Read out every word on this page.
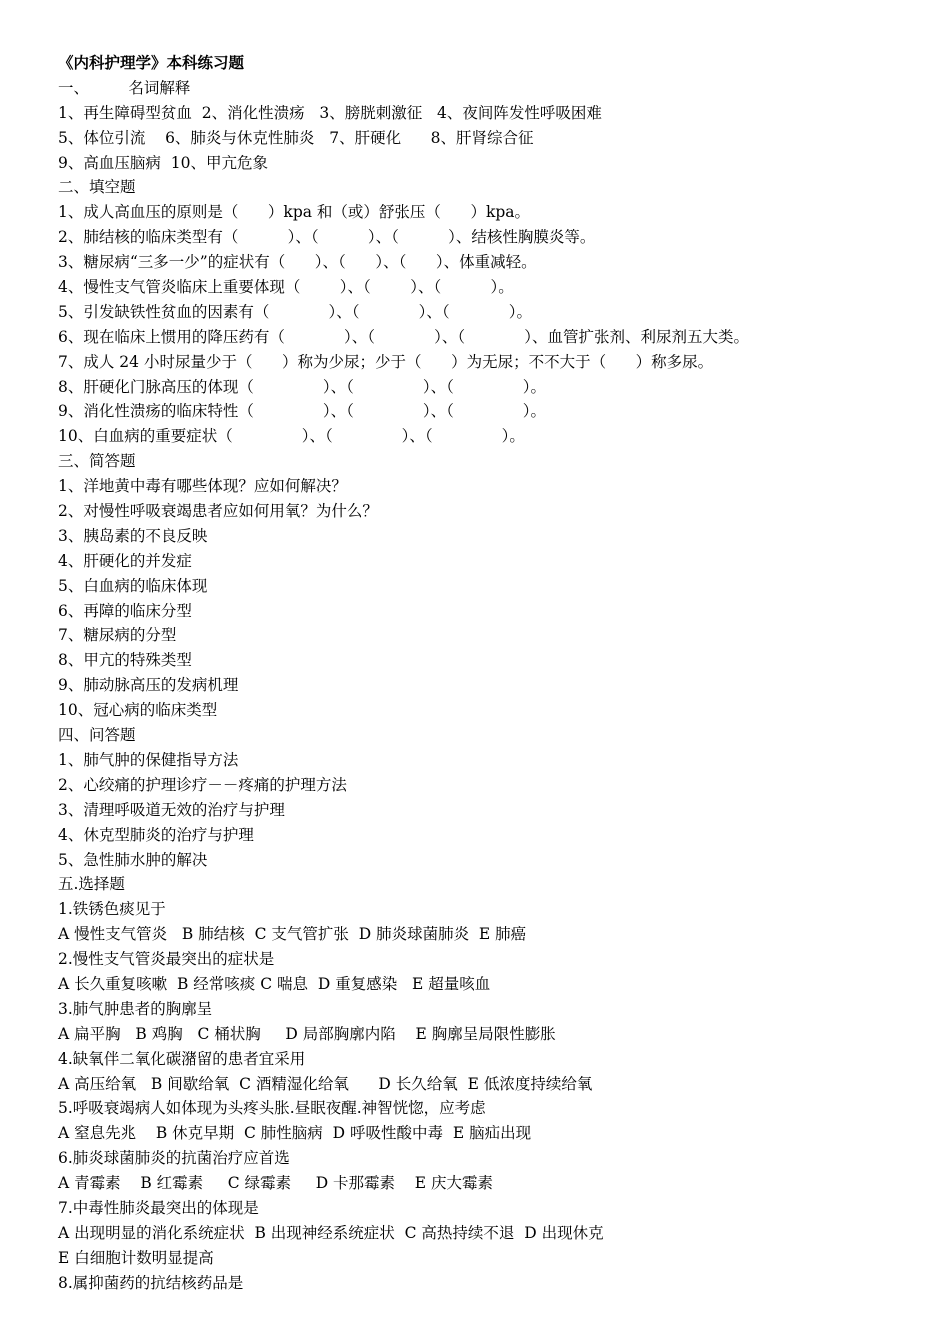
《内科护理学》本科练习题
一、        名词解释
1、再生障碍型贫血  2、消化性溃疡   3、膀胱刺激征   4、夜间阵发性呼吸困难
5、体位引流    6、肺炎与休克性肺炎   7、肝硬化      8、肝肾综合征
9、高血压脑病  10、甲亢危象
二、填空题
1、成人高血压的原则是（      ）kpa 和（或）舒张压（      ）kpa。
2、肺结核的临床类型有（          ）、（          ）、（          ）、结核性胸膜炎等。
3、糖尿病“三多一少”的症状有（      ）、（      ）、（      ）、体重减轻。
4、慢性支气管炎临床上重要体现（        ）、（        ）、（          ）。
5、引发缺铁性贫血的因素有（            ）、（            ）、（            ）。
6、现在临床上惯用的降压药有（            ）、（            ）、（            ）、血管扩张剂、利尿剂五大类。
7、成人 24 小时尿量少于（      ）称为少尿；少于（      ）为无尿；不不大于（      ）称多尿。
8、肝硬化门脉高压的体现（              ）、（              ）、（              ）。
9、消化性溃疡的临床特性（              ）、（              ）、（              ）。
10、白血病的重要症状（              ）、（              ）、（              ）。
三、简答题
1、洋地黄中毒有哪些体现？应如何解决？
2、对慢性呼吸衰竭患者应如何用氧？为什么？
3、胰岛素的不良反映
4、肝硬化的并发症
5、白血病的临床体现
6、再障的临床分型
7、糖尿病的分型
8、甲亢的特殊类型
9、肺动脉高压的发病机理
10、冠心病的临床类型
四、问答题
1、肺气肿的保健指导方法
2、心绞痛的护理诊疗－－疼痛的护理方法
3、清理呼吸道无效的治疗与护理
4、休克型肺炎的治疗与护理
5、急性肺水肿的解决
五.选择题
1.铁锈色痰见于
A 慢性支气管炎   B 肺结核  C 支气管扩张  D 肺炎球菌肺炎  E 肺癌
2.慢性支气管炎最突出的症状是
A 长久重复咳嗽  B 经常咳痰 C 喘息  D 重复感染   E 超量咳血
3.肺气肿患者的胸廓呈
A 扁平胸   B 鸡胸   C 桶状胸     D 局部胸廓内陷    E 胸廓呈局限性膨胀
4.缺氧伴二氧化碳潴留的患者宜采用
A 高压给氧   B 间歇给氧  C 酒精湿化给氧      D 长久给氧  E 低浓度持续给氧
5.呼吸衰竭病人如体现为头疼头胀.昼眠夜醒.神智恍惚，应考虑
A 窒息先兆    B 休克早期  C 肺性脑病  D 呼吸性酸中毒  E 脑疝出现
6.肺炎球菌肺炎的抗菌治疗应首选
A 青霉素    B 红霉素     C 绿霉素     D 卡那霉素    E 庆大霉素
7.中毒性肺炎最突出的体现是
A 出现明显的消化系统症状  B 出现神经系统症状  C 高热持续不退  D 出现休克
E 白细胞计数明显提高
8.属抑菌药的抗结核药品是
